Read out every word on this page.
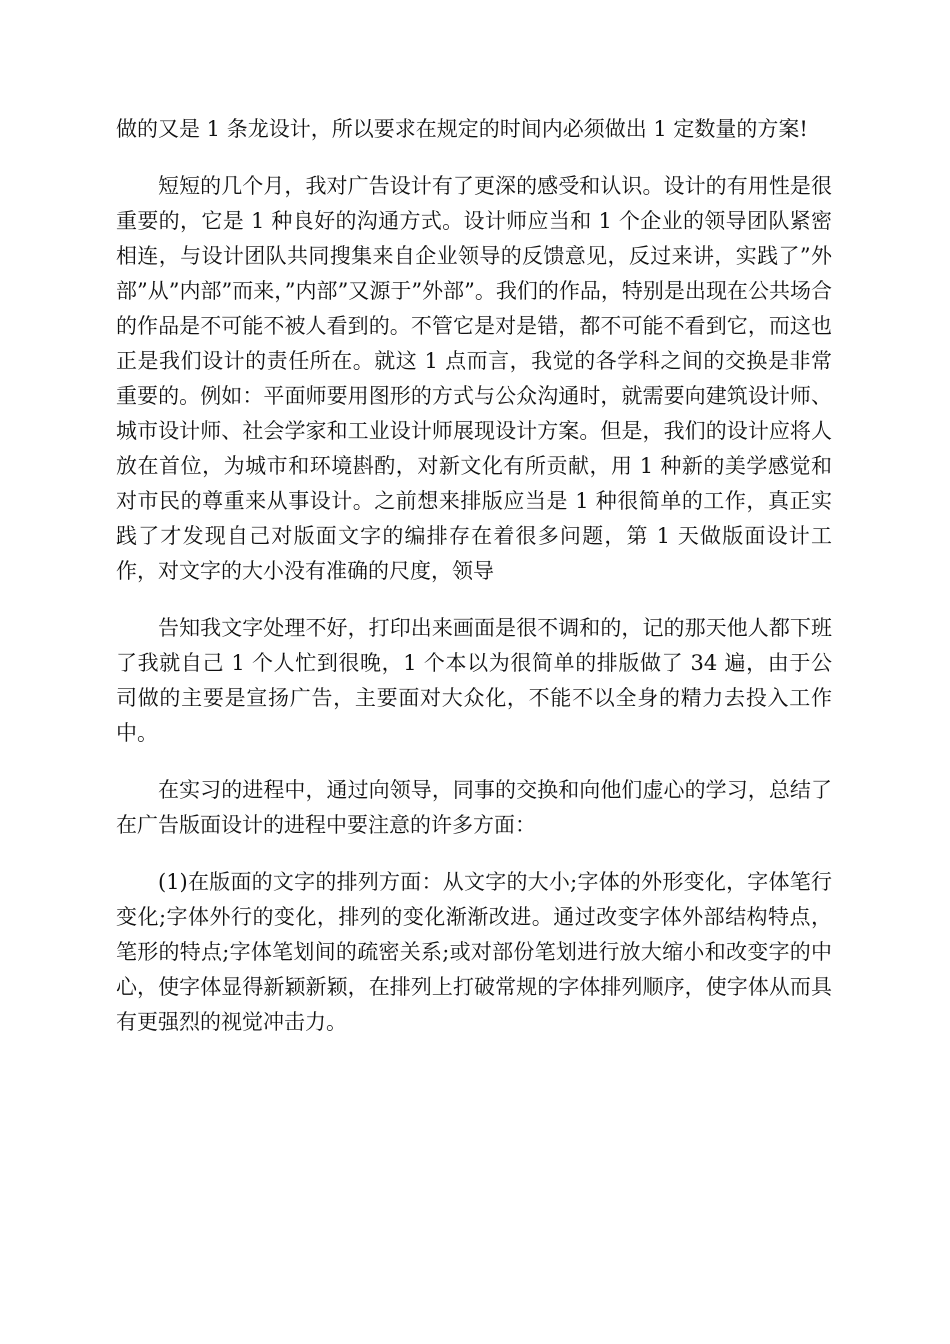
做的又是 1 条龙设计，所以要求在规定的时间内必须做出 1 定数量的方案!

短短的几个月，我对广告设计有了更深的感受和认识。设计的有用性是很重要的，它是 1 种良好的沟通方式。设计师应当和 1 个企业的领导团队紧密相连，与设计团队共同搜集来自企业领导的反馈意见，反过来讲，实践了”外部”从”内部”而来，”内部”又源于”外部”。我们的作品，特别是出现在公共场合的作品是不可能不被人看到的。不管它是对是错，都不可能不看到它，而这也正是我们设计的责任所在。就这 1 点而言，我觉的各学科之间的交换是非常重要的。例如：平面师要用图形的方式与公众沟通时，就需要向建筑设计师、城市设计师、社会学家和工业设计师展现设计方案。但是，我们的设计应将人放在首位，为城市和环境斟酌，对新文化有所贡献，用 1 种新的美学感觉和对市民的尊重来从事设计。之前想来排版应当是 1 种很简单的工作，真正实践了才发现自己对版面文字的编排存在着很多问题，第 1 天做版面设计工作，对文字的大小没有准确的尺度，领导

告知我文字处理不好，打印出来画面是很不调和的，记的那天他人都下班了我就自己 1 个人忙到很晚，1 个本以为很简单的排版做了 34 遍，由于公司做的主要是宣扬广告，主要面对大众化，不能不以全身的精力去投入工作中。

在实习的进程中，通过向领导，同事的交换和向他们虚心的学习，总结了在广告版面设计的进程中要注意的许多方面：

(1)在版面的文字的排列方面：从文字的大小;字体的外形变化，字体笔行变化;字体外行的变化，排列的变化渐渐改进。通过改变字体外部结构特点，笔形的特点;字体笔划间的疏密关系;或对部份笔划进行放大缩小和改变字的中心，使字体显得新颖新颖，在排列上打破常规的字体排列顺序，使字体从而具有更强烈的视觉冲击力。
